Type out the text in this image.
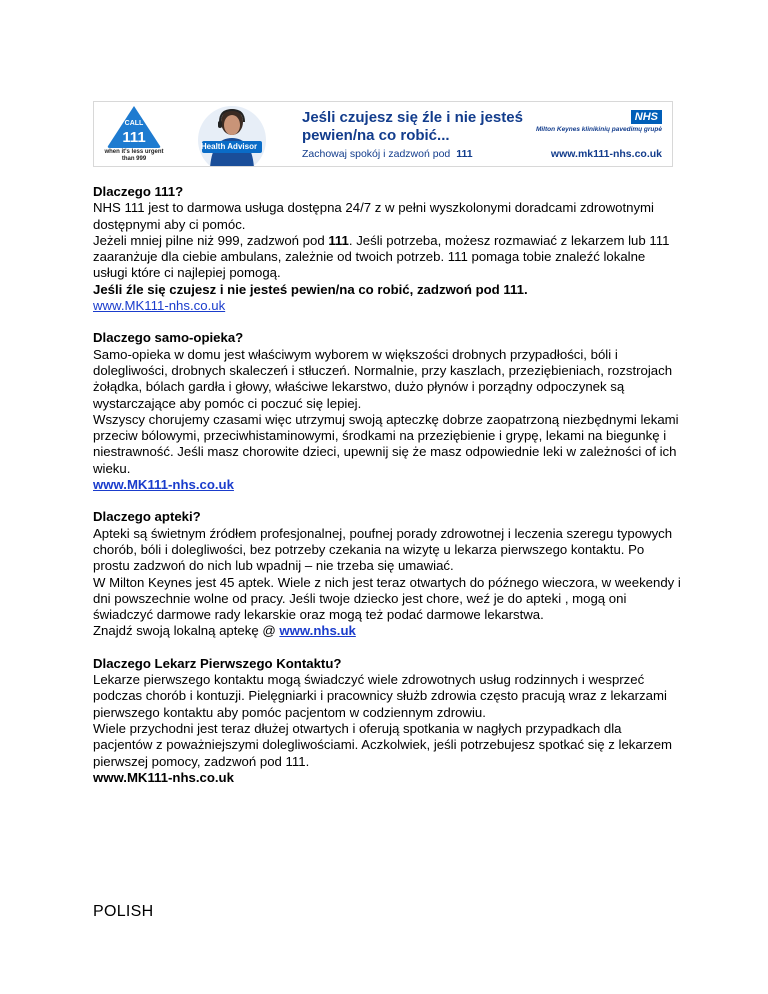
CALL
111
when it's less urgent than 999
Health Advisor
Jeśli czujesz się źle i nie jesteś pewien/na co robić...
Zachowaj spokój i zadzwoń pod 111
NHS
Milton Keynes klinikinių pavedimų grupė
www.mk111-nhs.co.uk

Dlaczego 111?

NHS 111 jest to darmowa usługa dostępna 24/7 z w pełni wyszkolonymi doradcami zdrowotnymi dostępnymi aby ci pomóc.

Jeżeli mniej pilne niż 999, zadzwoń pod 111. Jeśli potrzeba, możesz rozmawiać z lekarzem lub 111 zaaranżuje dla ciebie ambulans, zależnie od twoich potrzeb. 111 pomaga tobie znaleźć lokalne usługi które ci najlepiej pomogą.

Jeśli źle się czujesz i nie jesteś pewien/na co robić, zadzwoń pod 111.

www.MK111-nhs.co.uk

Dlaczego samo-opieka?

Samo-opieka w domu jest właściwym wyborem w większości drobnych przypadłości, bóli i dolegliwości, drobnych skaleczeń i stłuczeń. Normalnie, przy kaszlach, przeziębieniach, rozstrojach żołądka, bólach gardła i głowy, właściwe lekarstwo, dużo płynów i porządny odpoczynek są wystarczające aby pomóc ci poczuć się lepiej.

Wszyscy chorujemy czasami więc utrzymuj swoją apteczkę dobrze zaopatrzoną niezbędnymi lekami przeciw bólowymi, przeciwhistaminowymi, środkami na przeziębienie i grypę, lekami na biegunkę i niestrawność. Jeśli masz chorowite dzieci, upewnij się że masz odpowiednie leki w zależności of ich wieku.

www.MK111-nhs.co.uk

Dlaczego apteki?

Apteki są świetnym źródłem profesjonalnej, poufnej porady zdrowotnej i leczenia szeregu typowych chorób, bóli i dolegliwości, bez potrzeby czekania na wizytę u lekarza pierwszego kontaktu. Po prostu zadzwoń do nich lub wpadnij – nie trzeba się umawiać.

W Milton Keynes jest 45 aptek. Wiele z nich jest teraz otwartych do późnego wieczora, w weekendy i dni powszechnie wolne od pracy. Jeśli twoje dziecko jest chore, weź je do apteki , mogą oni świadczyć darmowe rady lekarskie oraz mogą też podać darmowe lekarstwa.

Znajdź swoją lokalną aptekę @ www.nhs.uk

Dlaczego Lekarz Pierwszego Kontaktu?

Lekarze pierwszego kontaktu mogą świadczyć wiele zdrowotnych usług rodzinnych i wesprzeć podczas chorób i kontuzji. Pielęgniarki i pracownicy służb zdrowia często pracują wraz z lekarzami pierwszego kontaktu aby pomóc pacjentom w codziennym zdrowiu.

Wiele przychodni jest teraz dłużej otwartych i oferują spotkania w nagłych przypadkach dla pacjentów z poważniejszymi dolegliwościami. Aczkolwiek, jeśli potrzebujesz spotkać się z lekarzem pierwszej pomocy, zadzwoń pod 111.

www.MK111-nhs.co.uk

POLISH
